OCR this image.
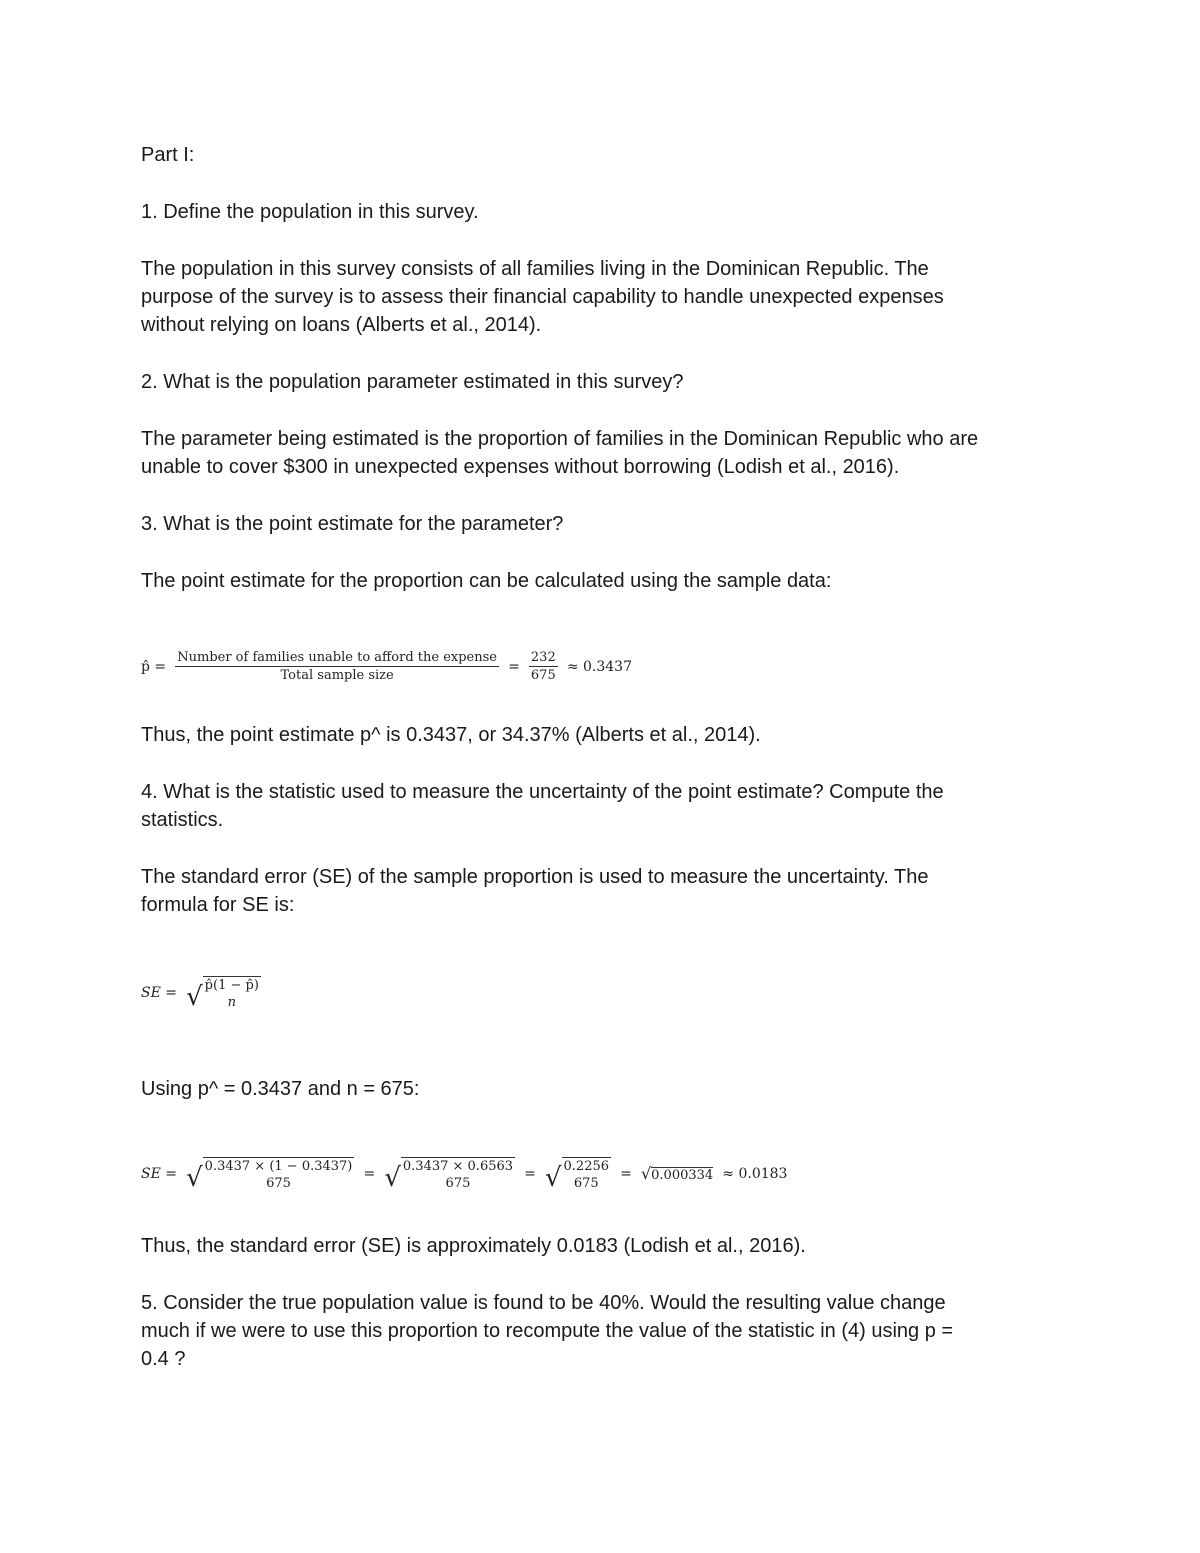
Part I:
1. Define the population in this survey.
The population in this survey consists of all families living in the Dominican Republic. The
purpose of the survey is to assess their financial capability to handle unexpected expenses
without relying on loans (Alberts et al., 2014).
2. What is the population parameter estimated in this survey?
The parameter being estimated is the proportion of families in the Dominican Republic who are
unable to cover $300 in unexpected expenses without borrowing (Lodish et al., 2016).
3. What is the point estimate for the parameter?
The point estimate for the proportion can be calculated using the sample data:
p̂ = $\frac{\text{Number of families unable to afford the expense}}{\text{Total sample size}} = \frac{232}{675} \approx 0.3437$
Thus, the point estimate p^ is 0.3437, or 34.37% (Alberts et al., 2014).
4. What is the statistic used to measure the uncertainty of the point estimate? Compute the
statistics.
The standard error (SE) of the sample proportion is used to measure the uncertainty. The
formula for SE is:
SE = √ p̂(1 − p̂)
n
Using p^ = 0.3437 and n = 675:
SE = √ 0.3437 × (1 − 0.3437)
675
= √ 0.3437 × 0.6563
675
= √ 0.2256
675
= √0.000334 ≈ 0.0183
Thus, the standard error (SE) is approximately 0.0183 (Lodish et al., 2016).
5. Consider the true population value is found to be 40%. Would the resulting value change
much if we were to use this proportion to recompute the value of the statistic in (4) using p =
0.4 ?
